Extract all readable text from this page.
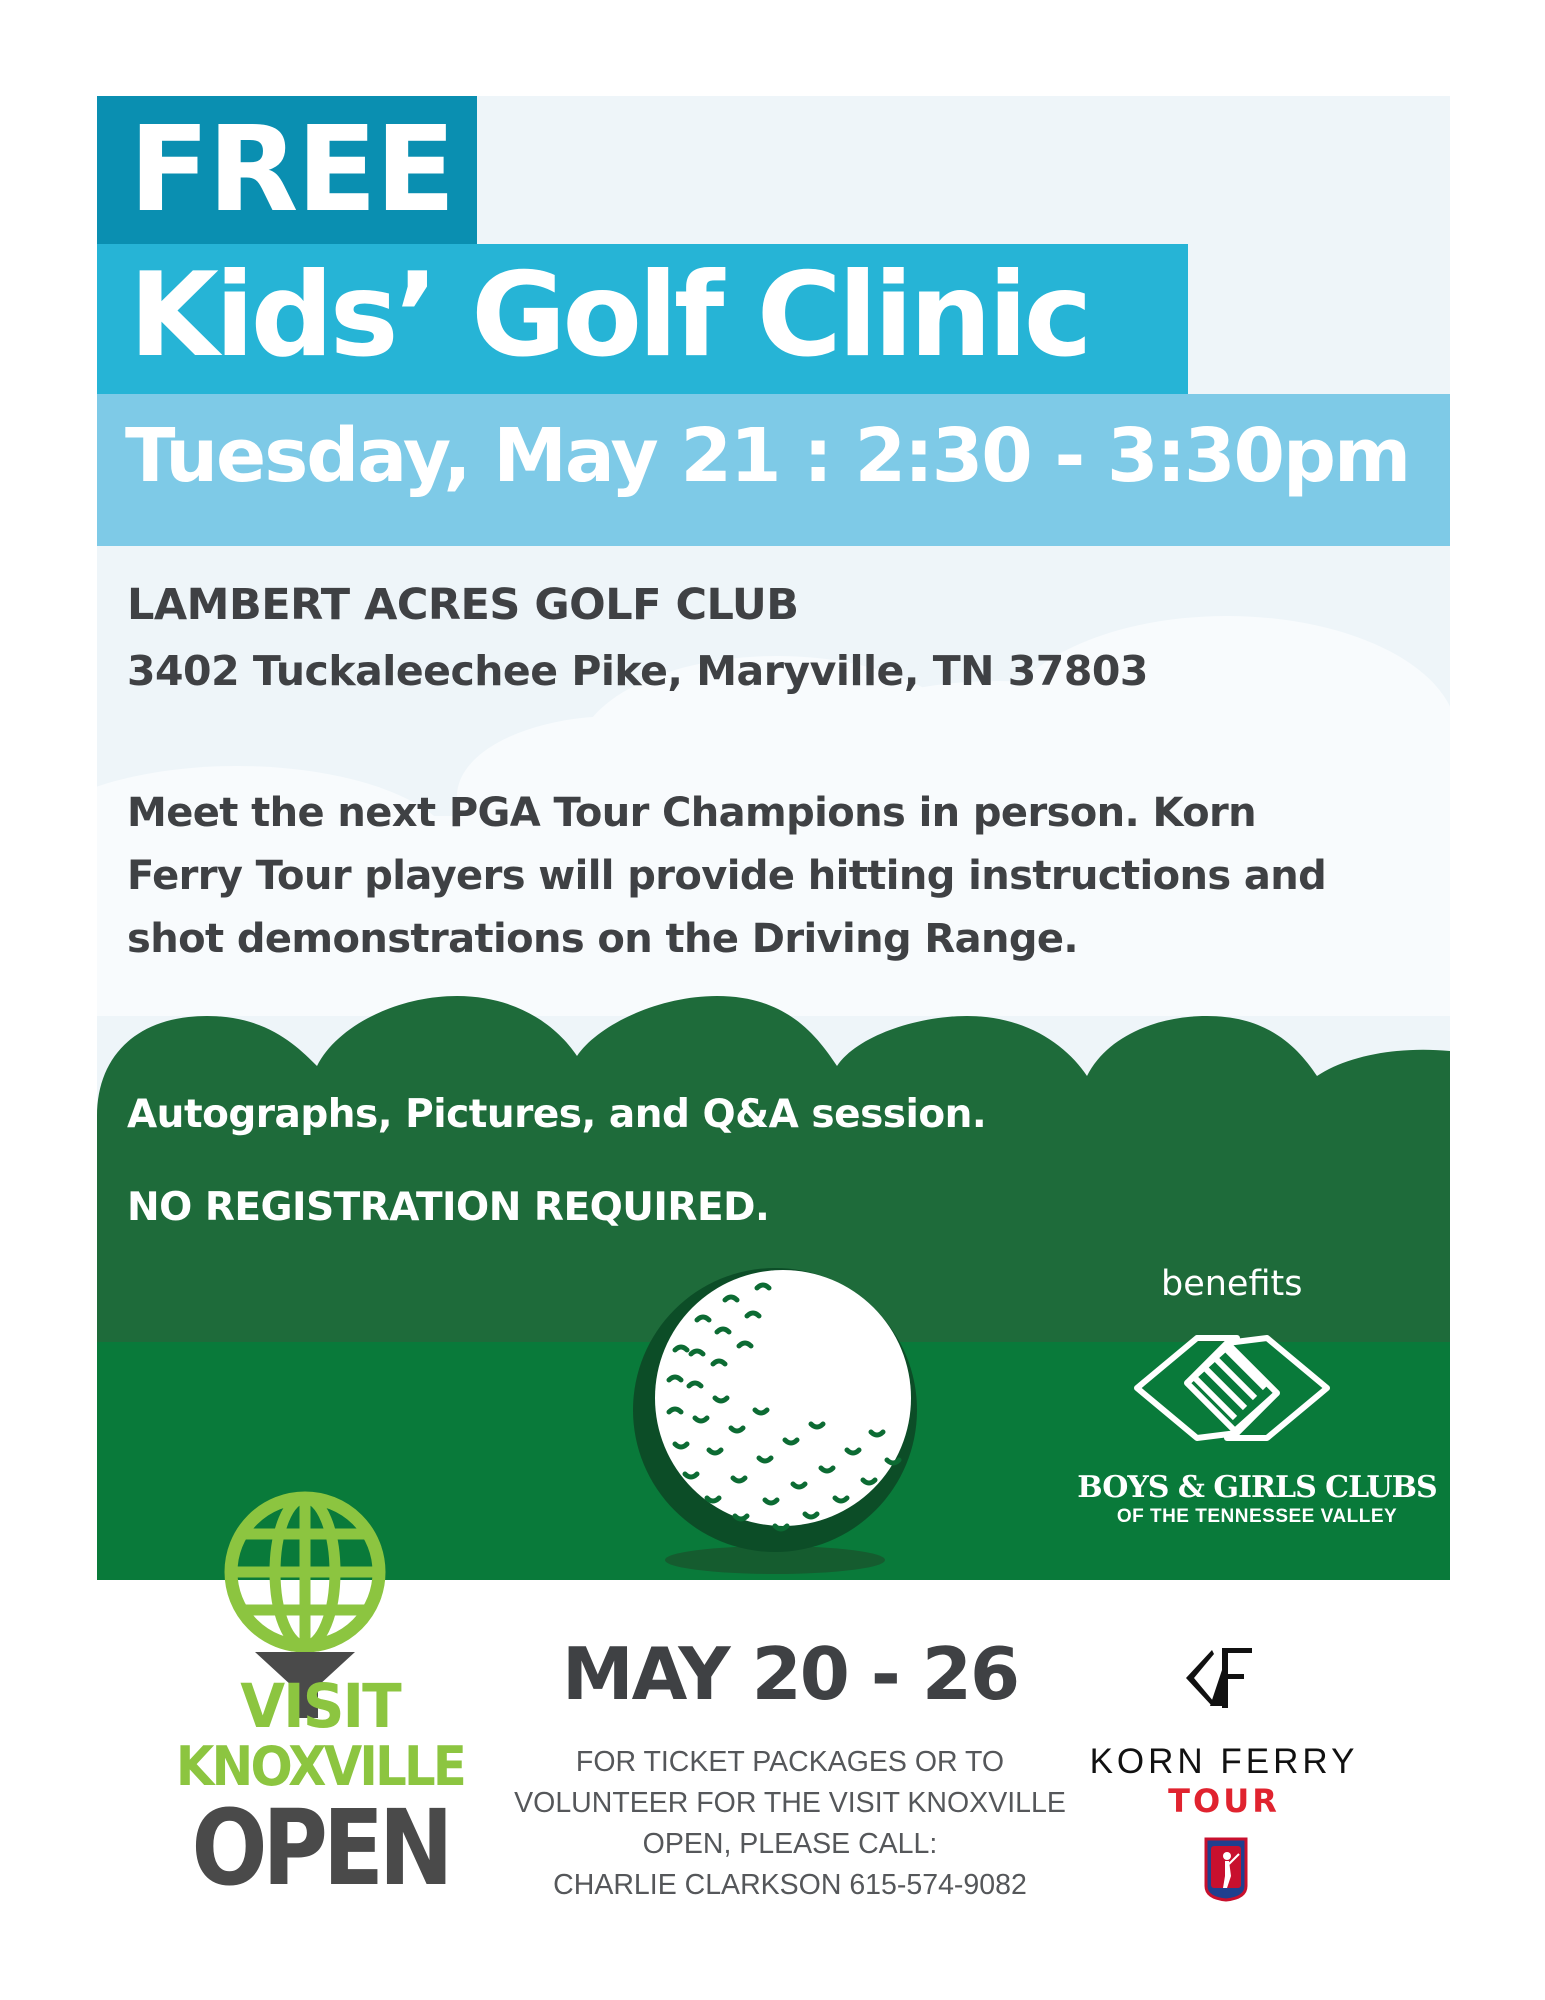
FREE
Kids’ Golf Clinic
Tuesday, May 21 : 2:30 - 3:30pm
LAMBERT ACRES GOLF CLUB
3402 Tuckaleechee Pike, Maryville, TN 37803
Meet the next PGA Tour Champions in person. Korn Ferry Tour players will provide hitting instructions and shot demonstrations on the Driving Range.
Autographs, Pictures, and Q&A session.
NO REGISTRATION REQUIRED.
benefits
BOYS & GIRLS CLUBS
OF THE TENNESSEE VALLEY
VISIT
KNOXVILLE
OPEN
MAY 20 - 26
FOR TICKET PACKAGES OR TO
VOLUNTEER FOR THE VISIT KNOXVILLE
OPEN, PLEASE CALL:
CHARLIE CLARKSON 615-574-9082
KORN FERRY
TOUR
